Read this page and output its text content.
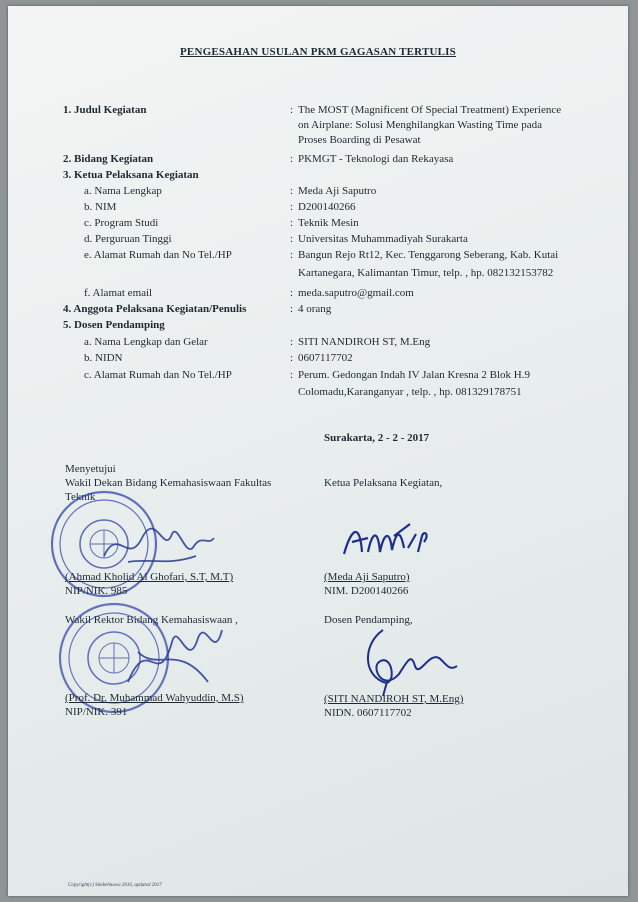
PENGESAHAN USULAN PKM GAGASAN TERTULIS
1. Judul Kegiatan	: The MOST (Magnificent Of Special Treatment) Experience
on Airplane: Solusi Menghilangkan Wasting Time pada
Proses Boarding di Pesawat
2. Bidang Kegiatan	: PKMGT - Teknologi dan Rekayasa
3. Ketua Pelaksana Kegiatan
a. Nama Lengkap	: Meda Aji Saputro
b. NIM	: D200140266
c. Program Studi	: Teknik Mesin
d. Perguruan Tinggi	: Universitas Muhammadiyah Surakarta
e. Alamat Rumah dan No Tel./HP	: Bangun Rejo Rt12, Kec. Tenggarong Seberang, Kab. Kutai
Kartanegara, Kalimantan Timur, telp. , hp. 082132153782
f. Alamat email	: meda.saputro@gmail.com
4. Anggota Pelaksana Kegiatan/Penulis	: 4 orang
5. Dosen Pendamping
a. Nama Lengkap dan Gelar	: SITI NANDIROH ST, M.Eng
b. NIDN	: 0607117702
c. Alamat Rumah dan No Tel./HP	: Perum. Gedongan Indah IV Jalan Kresna 2 Blok H.9
Colomadu,Karanganyar , telp. , hp. 081329178751
Surakarta, 2 - 2 - 2017
Menyetujui
Wakil Dekan Bidang Kemahasiswaan Fakultas
Teknik
(Ahmad Kholid Al Ghofari, S.T, M.T)
NIP/NIK. 985
Wakil Rektor Bidang Kemahasiswaan ,
(Prof. Dr. Muhammad Wahyuddin, M.S)
NIP/NIK. 391
Ketua Pelaksana Kegiatan,
(Meda Aji Saputro)
NIM. D200140266
Dosen Pendamping,
(SITI NANDIROH ST, M.Eng)
NIDN. 0607117702
Copyright(c) Simbelmawa 2016, updated 2017
